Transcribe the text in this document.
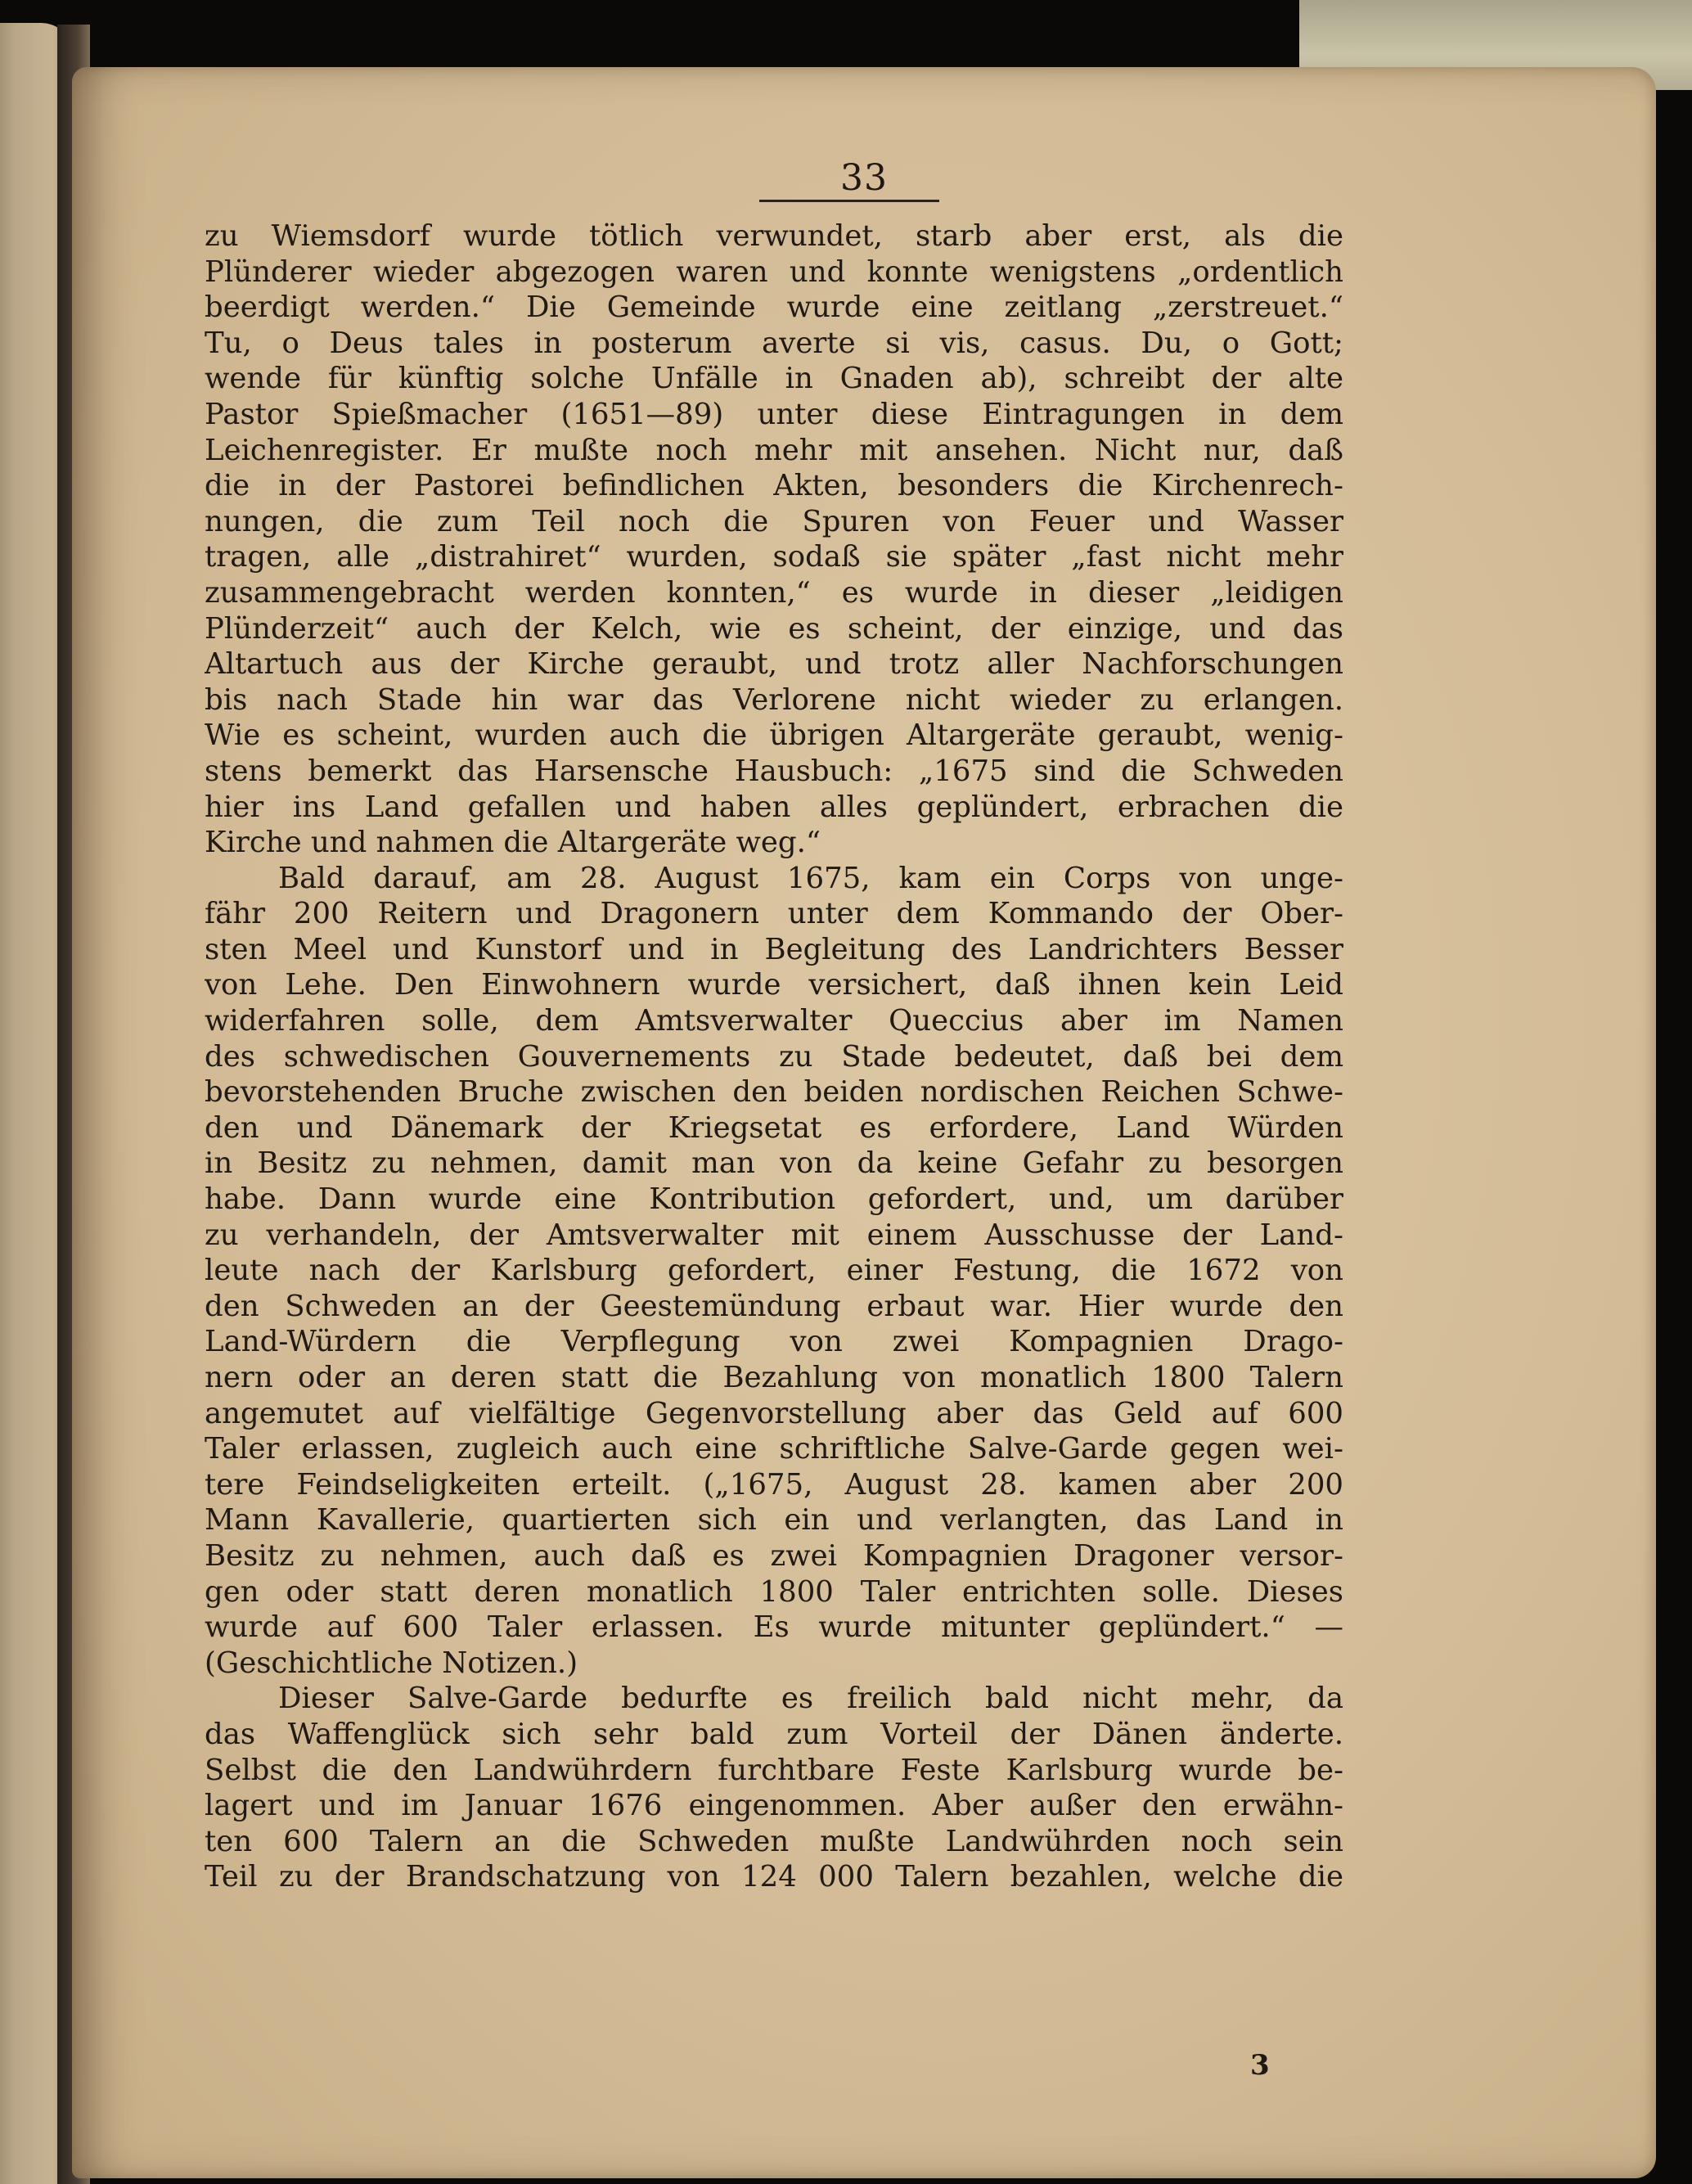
33
zu Wiemsdorf wurde tötlich verwundet, starb aber erst, als die
Plünderer wieder abgezogen waren und konnte wenigstens „ordentlich
beerdigt werden.“ Die Gemeinde wurde eine zeitlang „zerstreuet.“
Tu, o Deus tales in posterum averte si vis, casus. Du, o Gott;
wende für künftig solche Unfälle in Gnaden ab), schreibt der alte
Pastor Spießmacher (1651—89) unter diese Eintragungen in dem
Leichenregister. Er mußte noch mehr mit ansehen. Nicht nur, daß
die in der Pastorei befindlichen Akten, besonders die Kirchenrech-
nungen, die zum Teil noch die Spuren von Feuer und Wasser
tragen, alle „distrahiret“ wurden, sodaß sie später „fast nicht mehr
zusammengebracht werden konnten,“ es wurde in dieser „leidigen
Plünderzeit“ auch der Kelch, wie es scheint, der einzige, und das
Altartuch aus der Kirche geraubt, und trotz aller Nachforschungen
bis nach Stade hin war das Verlorene nicht wieder zu erlangen.
Wie es scheint, wurden auch die übrigen Altargeräte geraubt, wenig-
stens bemerkt das Harsensche Hausbuch: „1675 sind die Schweden
hier ins Land gefallen und haben alles geplündert, erbrachen die
Kirche und nahmen die Altargeräte weg.“
Bald darauf, am 28. August 1675, kam ein Corps von unge-
fähr 200 Reitern und Dragonern unter dem Kommando der Ober-
sten Meel und Kunstorf und in Begleitung des Landrichters Besser
von Lehe. Den Einwohnern wurde versichert, daß ihnen kein Leid
widerfahren solle, dem Amtsverwalter Queccius aber im Namen
des schwedischen Gouvernements zu Stade bedeutet, daß bei dem
bevorstehenden Bruche zwischen den beiden nordischen Reichen Schwe-
den und Dänemark der Kriegsetat es erfordere, Land Würden
in Besitz zu nehmen, damit man von da keine Gefahr zu besorgen
habe. Dann wurde eine Kontribution gefordert, und, um darüber
zu verhandeln, der Amtsverwalter mit einem Ausschusse der Land-
leute nach der Karlsburg gefordert, einer Festung, die 1672 von
den Schweden an der Geestemündung erbaut war. Hier wurde den
Land-Würdern die Verpflegung von zwei Kompagnien Drago-
nern oder an deren statt die Bezahlung von monatlich 1800 Talern
angemutet auf vielfältige Gegenvorstellung aber das Geld auf 600
Taler erlassen, zugleich auch eine schriftliche Salve-Garde gegen wei-
tere Feindseligkeiten erteilt. („1675, August 28. kamen aber 200
Mann Kavallerie, quartierten sich ein und verlangten, das Land in
Besitz zu nehmen, auch daß es zwei Kompagnien Dragoner versor-
gen oder statt deren monatlich 1800 Taler entrichten solle. Dieses
wurde auf 600 Taler erlassen. Es wurde mitunter geplündert.“ —
(Geschichtliche Notizen.)
Dieser Salve-Garde bedurfte es freilich bald nicht mehr, da
das Waffenglück sich sehr bald zum Vorteil der Dänen änderte.
Selbst die den Landwührdern furchtbare Feste Karlsburg wurde be-
lagert und im Januar 1676 eingenommen. Aber außer den erwähn-
ten 600 Talern an die Schweden mußte Landwührden noch sein
Teil zu der Brandschatzung von 124 000 Talern bezahlen, welche die
3
